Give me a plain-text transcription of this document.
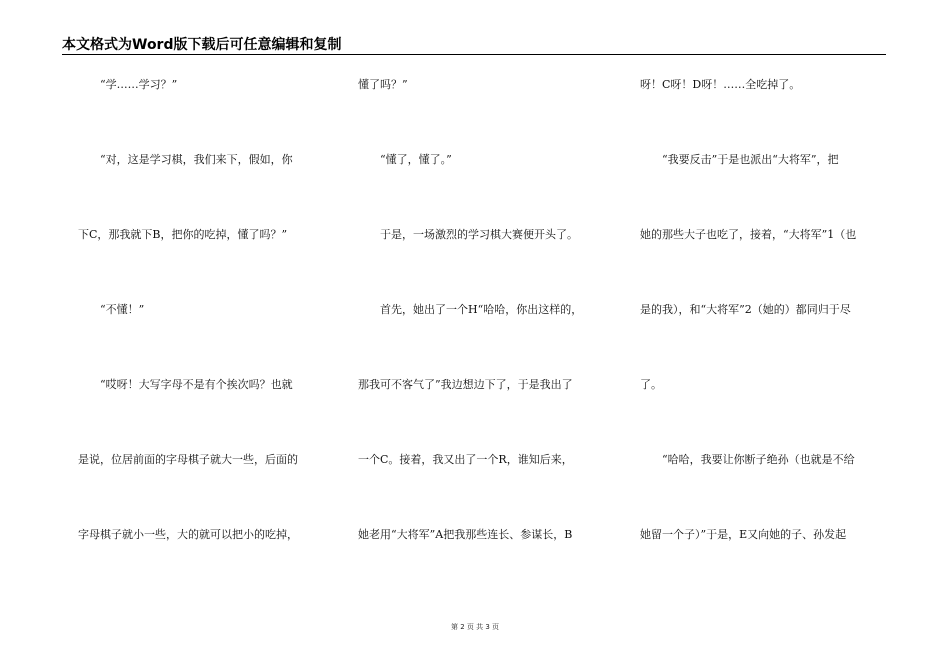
本文格式为Word版下载后可任意编辑和复制
　　“学……学习？”
　　“对，这是学习棋，我们来下，假如，你
下C，那我就下B，把你的吃掉，懂了吗？”
　　“不懂！”
　　“哎呀！大写字母不是有个挨次吗？也就
是说，位居前面的字母棋子就大一些，后面的
字母棋子就小一些，大的就可以把小的吃掉，
懂了吗？”
　　“懂了，懂了。”
　　于是，一场激烈的学习棋大赛便开头了。
　　首先，她出了一个H“哈哈，你出这样的，
那我可不客气了”我边想边下了，于是我出了
一个C。接着，我又出了一个R，谁知后来，
她老用“大将军”A把我那些连长、参谋长，B
呀！C呀！D呀！……全吃掉了。
　　“我要反击”于是也派出“大将军”，把
她的那些大子也吃了，接着，“大将军”1（也
是的我），和“大将军”2（她的）都同归于尽
了。
　　“哈哈，我要让你断子绝孙（也就是不给
她留一个子）”于是，E又向她的子、孙发起
第 2 页 共 3 页
